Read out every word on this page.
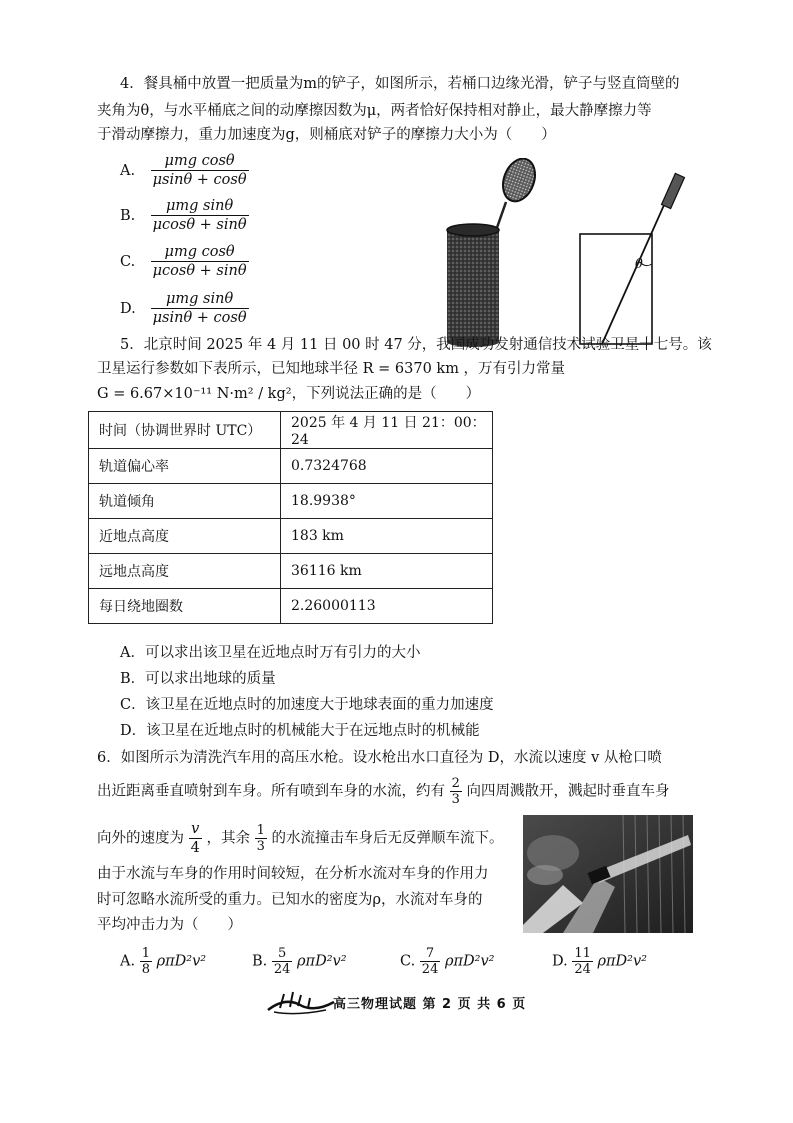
4．餐具桶中放置一把质量为m的铲子，如图所示，若桶口边缘光滑，铲子与竖直筒壁的
夹角为θ，与水平桶底之间的动摩擦因数为μ，两者恰好保持相对静止，最大静摩擦力等
于滑动摩擦力，重力加速度为g，则桶底对铲子的摩擦力大小为（　　）
A. $\frac{\text{μmg cosθ}}{\mu\sin\theta + \cos\theta}$
B. $\frac{\text{μmg sinθ}}{\mu\cos\theta + \sin\theta}$
C. $\frac{\text{μmg cosθ}}{\mu\cos\theta + \sin\theta}$
D. $\frac{\text{μmg sinθ}}{\mu\sin\theta + \cos\theta}$
θ
5．北京时间 2025 年 4 月 11 日 00 时 47 分，我国成功发射通信技术试验卫星十七号。该
卫星运行参数如下表所示，已知地球半径 R = 6370 km ，万有引力常量
G = 6.67×10⁻¹¹ N·m² / kg²，下列说法正确的是（　　）
时间（协调世界时 UTC）	2025 年 4 月 11 日 21：00：24
轨道偏心率	0.7324768
轨道倾角	18.9938°
近地点高度	183 km
远地点高度	36116 km
每日绕地圈数	2.26000113
A．可以求出该卫星在近地点时万有引力的大小
B．可以求出地球的质量
C．该卫星在近地点时的加速度大于地球表面的重力加速度
D．该卫星在近地点时的机械能大于在远地点时的机械能
6．如图所示为清洗汽车用的高压水枪。设水枪出水口直径为 D，水流以速度 v 从枪口喷
出近距离垂直喷射到车身。所有喷到车身的水流，约有 $\frac{2}{3}$ 向四周溅散开，溅起时垂直车身
向外的速度为 $\frac{v}{4}$ ，其余 $\frac{1}{3}$ 的水流撞击车身后无反弹顺车流下。
由于水流与车身的作用时间较短，在分析水流对车身的作用力
时可忽略水流所受的重力。已知水的密度为ρ，水流对车身的
平均冲击力为（　　）
A. $\frac{1}{8} \rho\pi D^2v^2$	B. $\frac{5}{24} \rho\pi D^2v^2$	C. $\frac{7}{24} \rho\pi D^2v^2$	D. $\frac{11}{24} \rho\pi D^2v^2$
高三物理试题 第 2 页 共 6 页
